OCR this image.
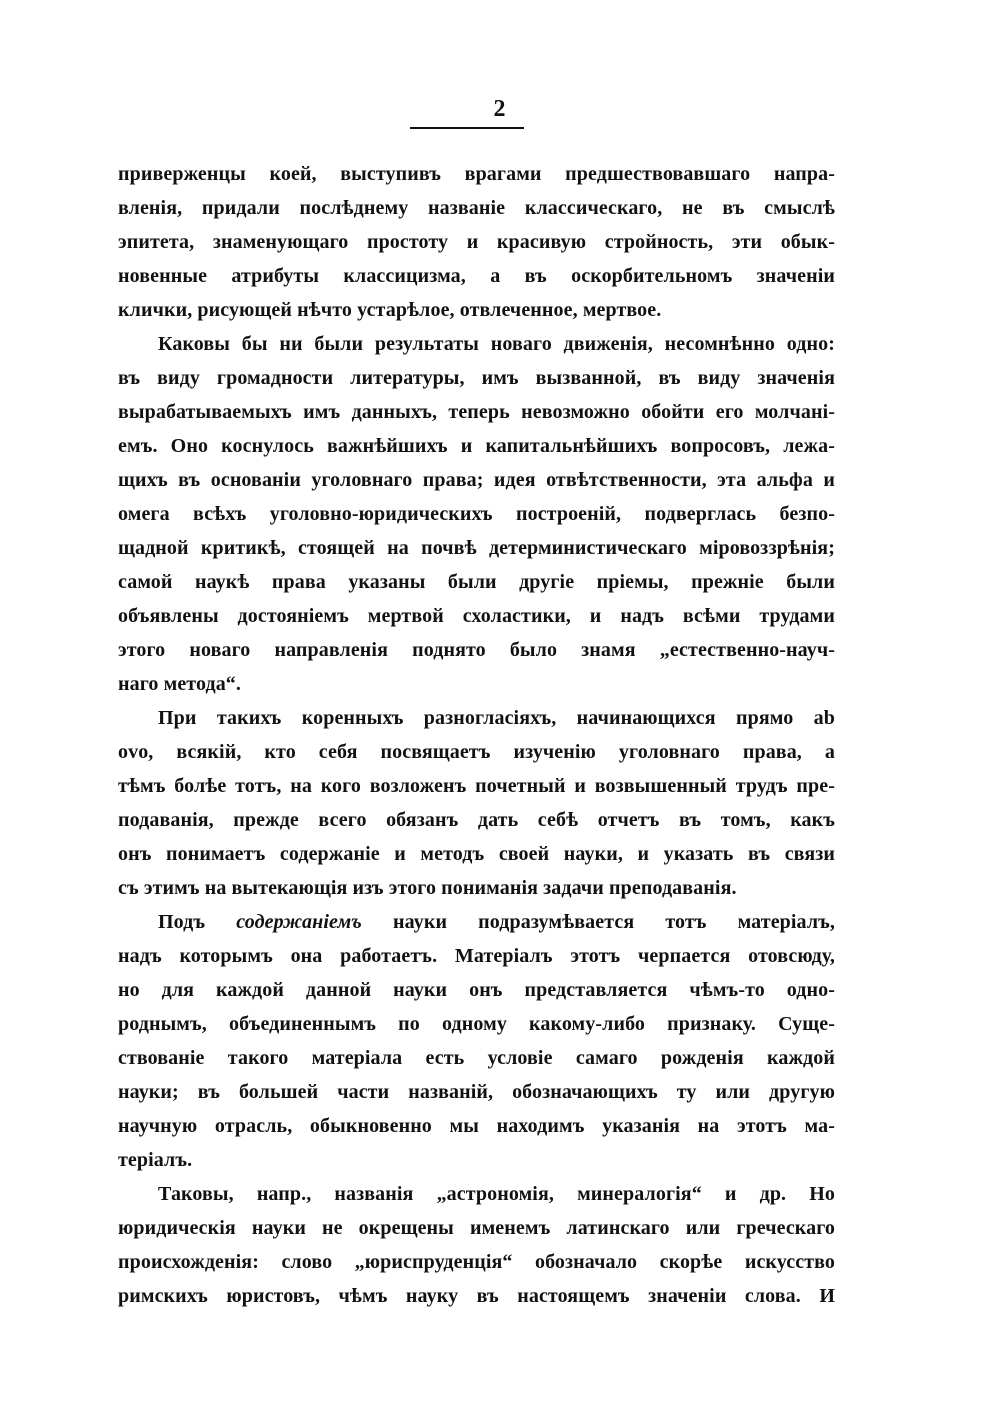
2
приверженцы коей, выступивъ врагами предшествовавшаго напра-
вленія, придали послѣднему названіе классическаго, не въ смыслѣ
эпитета, знаменующаго простоту и красивую стройность, эти обык-
новенные атрибуты классицизма, а въ оскорбительномъ значеніи
клички, рисующей нѣчто устарѣлое, отвлеченное, мертвое.
Каковы бы ни были результаты новаго движенія, несомнѣнно одно:
въ виду громадности литературы, имъ вызванной, въ виду значенія
вырабатываемыхъ имъ данныхъ, теперь невозможно обойти его молчані-
емъ. Оно коснулось важнѣйшихъ и капитальнѣйшихъ вопросовъ, лежа-
щихъ въ основаніи уголовнаго права; идея отвѣтственности, эта альфа и
омега всѣхъ уголовно-юридическихъ построеній, подверглась безпо-
щадной критикѣ, стоящей на почвѣ детерминистическаго міровоззрѣнія;
самой наукѣ права указаны были другіе пріемы, прежніе были
объявлены достояніемъ мертвой схоластики, и надъ всѣми трудами
этого новаго направленія поднято было знамя „естественно-науч-
наго метода“.
При такихъ коренныхъ разногласіяхъ, начинающихся прямо ab
ovo, всякій, кто себя посвящаетъ изученію уголовнаго права, а
тѣмъ болѣе тотъ, на кого возложенъ почетный и возвышенный трудъ пре-
подаванія, прежде всего обязанъ дать себѣ отчетъ въ томъ, какъ
онъ понимаетъ содержаніе и методъ своей науки, и указать въ связи
съ этимъ на вытекающія изъ этого пониманія задачи преподаванія.
Подъ содержаніемъ науки подразумѣвается тотъ матеріалъ,
надъ которымъ она работаетъ. Матеріалъ этотъ черпается отовсюду,
но для каждой данной науки онъ представляется чѣмъ-то одно-
роднымъ, объединеннымъ по одному какому-либо признаку. Суще-
ствованіе такого матеріала есть условіе самаго рожденія каждой
науки; въ большей части названій, обозначающихъ ту или другую
научную отрасль, обыкновенно мы находимъ указанія на этотъ ма-
теріалъ.
Таковы, напр., названія „астрономія, минералогія“ и др. Но
юридическія науки не окрещены именемъ латинскаго или греческаго
происхожденія: слово „юриспруденція“ обозначало скорѣе искусство
римскихъ юристовъ, чѣмъ науку въ настоящемъ значеніи слова. И
